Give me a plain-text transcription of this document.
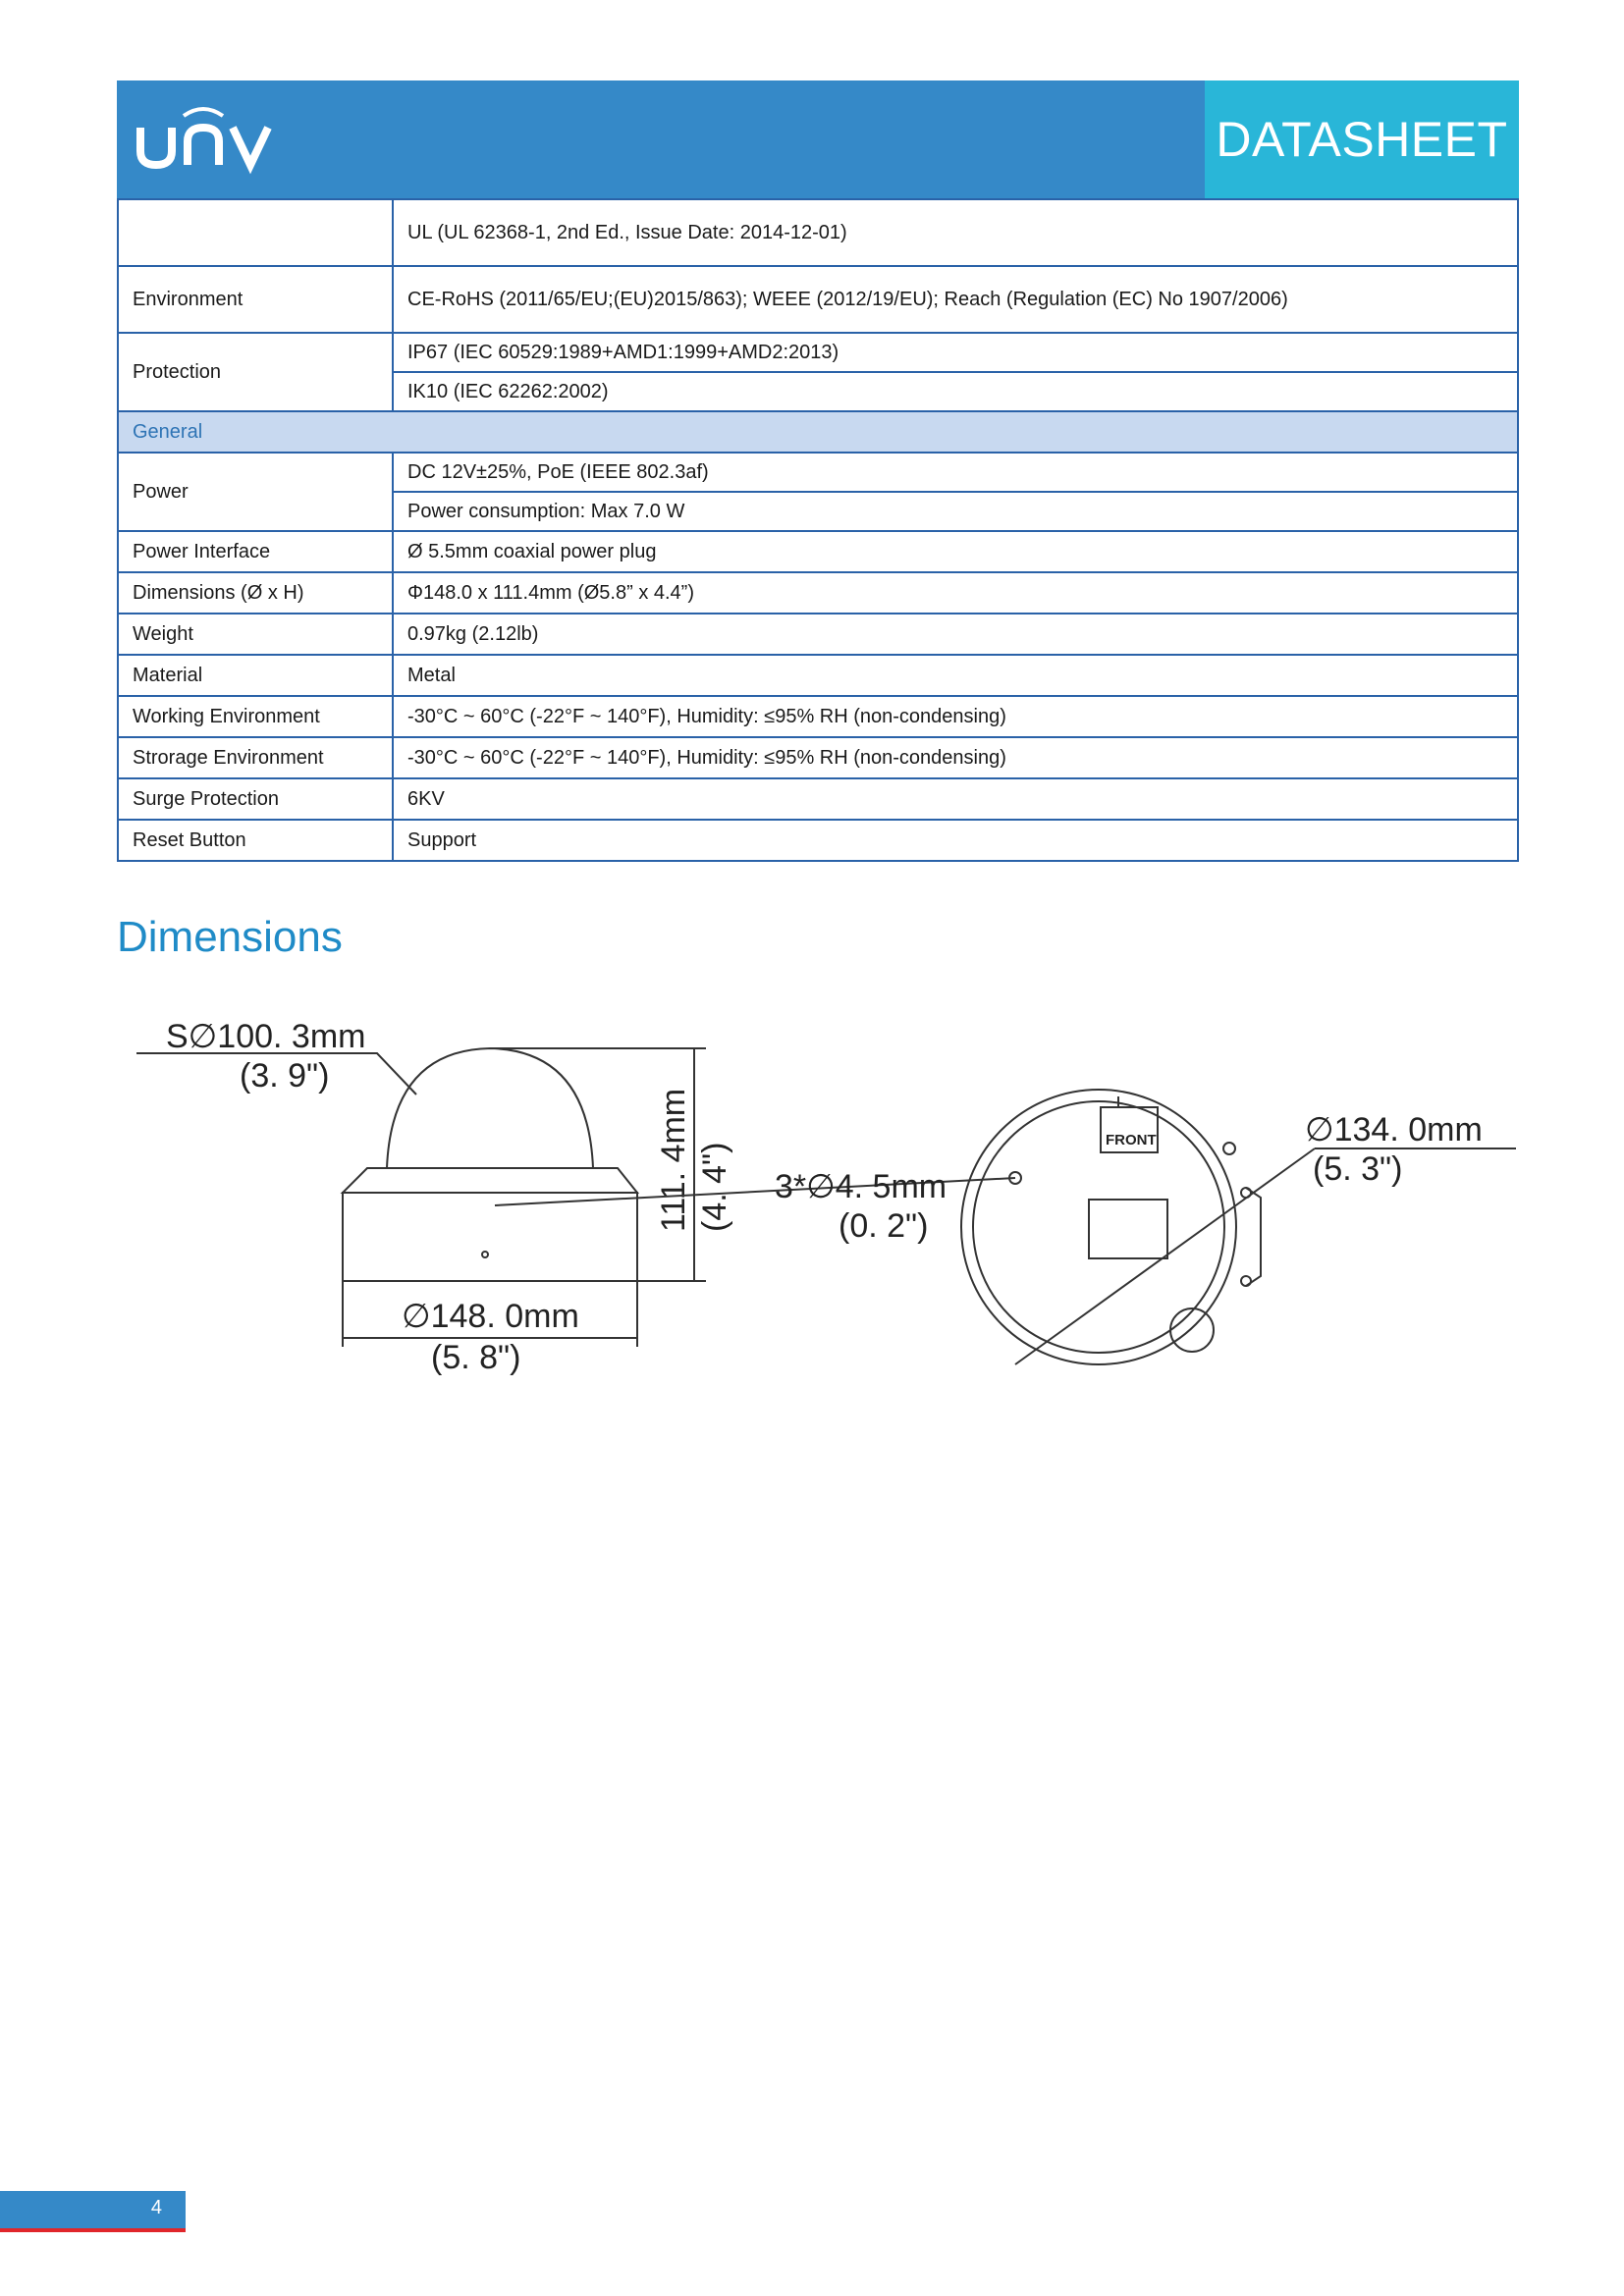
DATASHEET
	UL (UL 62368-1, 2nd Ed., Issue Date: 2014-12-01)
Environment	CE-RoHS (2011/65/EU;(EU)2015/863); WEEE (2012/19/EU); Reach (Regulation (EC) No 1907/2006)
Protection	IP67 (IEC 60529:1989+AMD1:1999+AMD2:2013)
	IK10 (IEC 62262:2002)
General	
Power	DC 12V±25%, PoE (IEEE 802.3af)
	Power consumption: Max 7.0 W
Power Interface	Ø 5.5mm coaxial power plug
Dimensions (Ø x H)	Φ148.0 x 111.4mm (Ø5.8” x 4.4”)
Weight	0.97kg (2.12lb)
Material	Metal
Working Environment	-30°C ~ 60°C (-22°F ~ 140°F), Humidity: ≤95% RH (non-condensing)
Strorage Environment	-30°C ~ 60°C (-22°F ~ 140°F), Humidity: ≤95% RH (non-condensing)
Surge Protection	6KV
Reset Button	Support
Dimensions
S∅100. 3mm
(3. 9")
∅148. 0mm
(5. 8")
111. 4mm (4. 4")
FRONT
3*∅4. 5mm
(0. 2")
∅134. 0mm
(5. 3")
4
